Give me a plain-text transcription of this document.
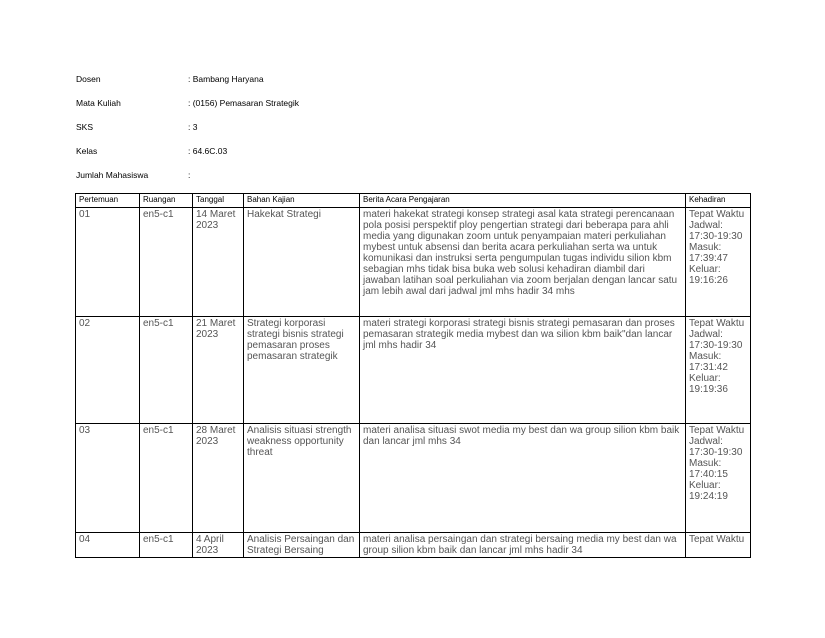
Dosen	: Bambang Haryana
Mata Kuliah	: (0156) Pemasaran Strategik
SKS	: 3
Kelas	: 64.6C.03
Jumlah Mahasiswa	:
Pertemuan	Ruangan	Tanggal	Bahan Kajian	Berita Acara Pengajaran	Kehadiran
01	en5-c1	14 Maret 2023	Hakekat Strategi	materi hakekat strategi konsep strategi asal kata strategi perencanaan pola posisi perspektif ploy pengertian strategi dari beberapa para ahli media yang digunakan zoom untuk penyampaian materi perkuliahan mybest untuk absensi dan berita acara perkuliahan serta wa untuk komunikasi dan instruksi serta pengumpulan tugas individu silion kbm sebagian mhs tidak bisa buka web solusi kehadiran diambil dari jawaban latihan soal perkuliahan via zoom berjalan dengan lancar satu jam lebih awal dari jadwal jml mhs hadir 34 mhs	Tepat Waktu Jadwal: 17:30-19:30 Masuk: 17:39:47 Keluar: 19:16:26
02	en5-c1	21 Maret 2023	Strategi korporasi strategi bisnis strategi pemasaran proses pemasaran strategik	materi strategi korporasi strategi bisnis strategi pemasaran dan proses pemasaran strategik media mybest dan wa silion kbm baik"dan lancar jml mhs hadir 34	Tepat Waktu Jadwal: 17:30-19:30 Masuk: 17:31:42 Keluar: 19:19:36
03	en5-c1	28 Maret 2023	Analisis situasi strength weakness opportunity threat	materi analisa situasi swot media my best dan wa group silion kbm baik dan lancar jml mhs 34	Tepat Waktu Jadwal: 17:30-19:30 Masuk: 17:40:15 Keluar: 19:24:19
04	en5-c1	4 April 2023	Analisis Persaingan dan Strategi Bersaing	materi analisa persaingan dan strategi bersaing media my best dan wa group silion kbm baik dan lancar jml mhs hadir 34	Tepat Waktu
